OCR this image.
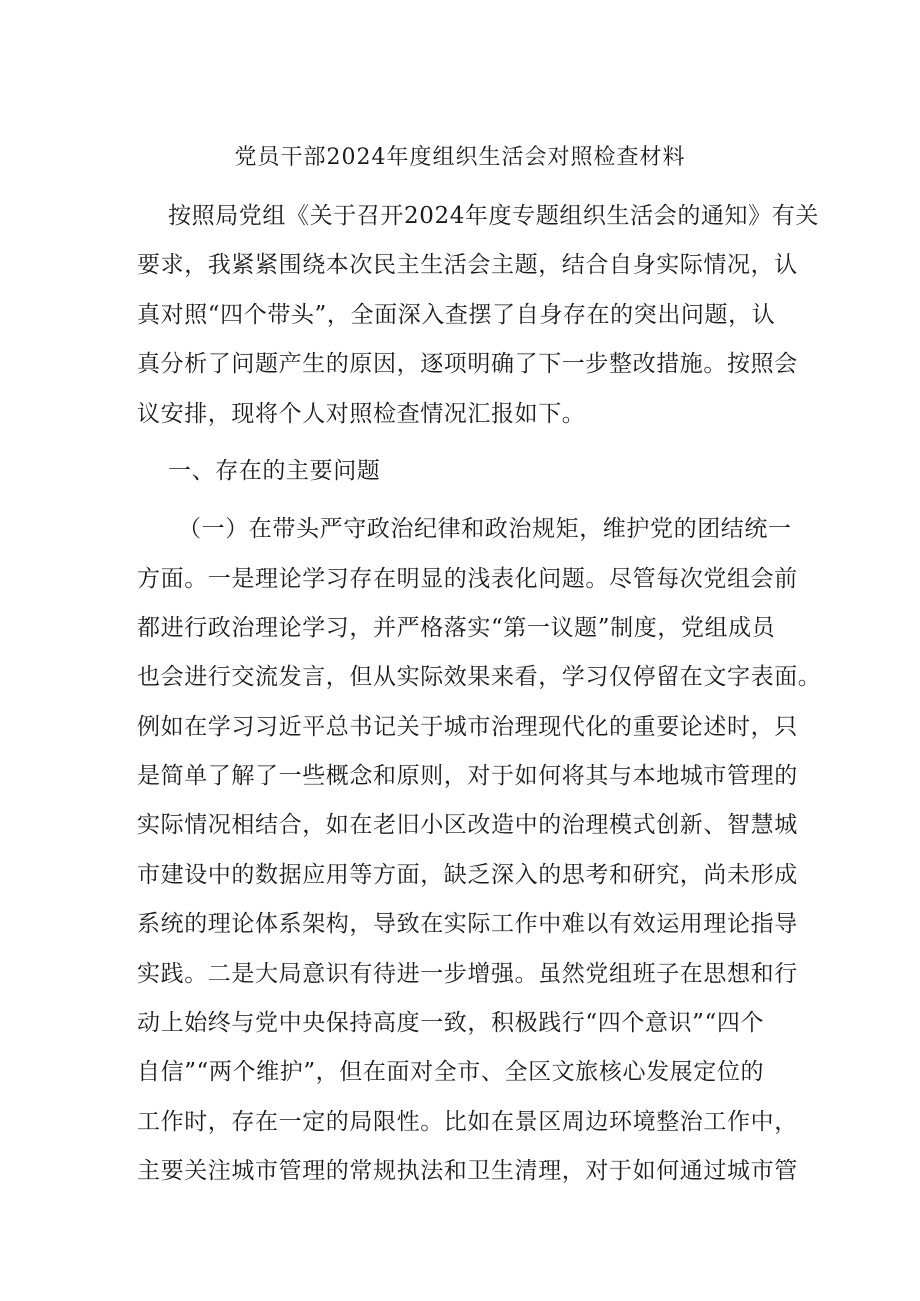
党员干部2024年度组织生活会对照检查材料
按照局党组《关于召开2024年度专题组织生活会的通知》有关
要求，我紧紧围绕本次民主生活会主题，结合自身实际情况，认
真对照“四个带头”，全面深入查摆了自身存在的突出问题，认
真分析了问题产生的原因，逐项明确了下一步整改措施。按照会
议安排，现将个人对照检查情况汇报如下。
一、存在的主要问题
（一）在带头严守政治纪律和政治规矩，维护党的团结统一
方面。一是理论学习存在明显的浅表化问题。尽管每次党组会前
都进行政治理论学习，并严格落实“第一议题”制度，党组成员
也会进行交流发言，但从实际效果来看，学习仅停留在文字表面。
例如在学习习近平总书记关于城市治理现代化的重要论述时，只
是简单了解了一些概念和原则，对于如何将其与本地城市管理的
实际情况相结合，如在老旧小区改造中的治理模式创新、智慧城
市建设中的数据应用等方面，缺乏深入的思考和研究，尚未形成
系统的理论体系架构，导致在实际工作中难以有效运用理论指导
实践。二是大局意识有待进一步增强。虽然党组班子在思想和行
动上始终与党中央保持高度一致，积极践行“四个意识”“四个
自信”“两个维护”，但在面对全市、全区文旅核心发展定位的
工作时，存在一定的局限性。比如在景区周边环境整治工作中，
主要关注城市管理的常规执法和卫生清理，对于如何通过城市管
